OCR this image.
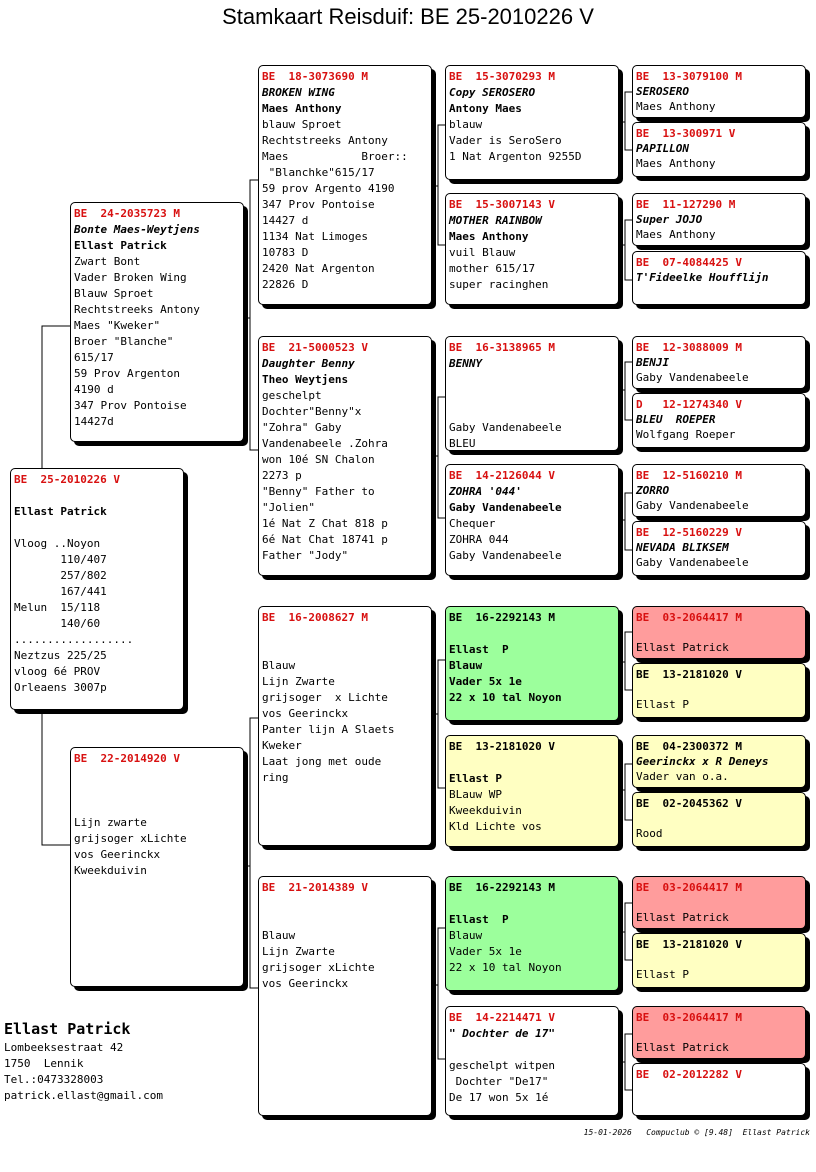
Stamkaart Reisduif: BE 25-2010226 V
BE  25-2010226 V

Ellast Patrick

Vloog ..Noyon
110/407
257/802
167/441
Melun  15/118
140/60
..................
Neztzus 225/25
vloog 6é PROV
Orleaens 3007p
BE  24-2035723 M
Bonte Maes-Weytjens
Ellast Patrick
Zwart Bont
Vader Broken Wing
Blauw Sproet
Rechtstreeks Antony
Maes "Kweker"
Broer "Blanche"
615/17
59 Prov Argenton
4190 d
347 Prov Pontoise
14427d
BE  22-2014920 V

Lijn zwarte
grijsoger xLichte
vos Geerinckx
Kweekduivin
BE  18-3073690 M
BROKEN WING
Maes Anthony
blauw Sproet
Rechtstreeks Antony
Maes           Broer::
"Blanchke"615/17
59 prov Argento 4190
347 Prov Pontoise
14427 d
1134 Nat Limoges
10783 D
2420 Nat Argenton
22826 D
BE  21-5000523 V
Daughter Benny
Theo Weytjens
geschelpt
Dochter"Benny"x
"Zohra" Gaby
Vandenabeele .Zohra
won 10é SN Chalon
2273 p
"Benny" Father to
"Jolien"
1é Nat Z Chat 818 p
6é Nat Chat 18741 p
Father "Jody"
BE  16-2008627 M

Blauw
Lijn Zwarte
grijsoger  x Lichte
vos Geerinckx
Panter lijn A Slaets
Kweker
Laat jong met oude
ring
BE  21-2014389 V

Blauw
Lijn Zwarte
grijsoger xLichte
vos Geerinckx
BE  15-3070293 M
Copy SEROSERO
Antony Maes
blauw
Vader is SeroSero
1 Nat Argenton 9255D
BE  15-3007143 V
MOTHER RAINBOW
Maes Anthony
vuil Blauw
mother 615/17
super racinghen
BE  16-3138965 M
BENNY

Gaby Vandenabeele
BLEU
BE  14-2126044 V
ZOHRA '044'
Gaby Vandenabeele
Chequer
ZOHRA 044
Gaby Vandenabeele
BE  16-2292143 M

Ellast  P
Blauw
Vader 5x 1e
22 x 10 tal Noyon
BE  13-2181020 V

Ellast P
BLauw WP
Kweekduivin
Kld Lichte vos
BE  16-2292143 M

Ellast  P
Blauw
Vader 5x 1e
22 x 10 tal Noyon
BE  14-2214471 V
" Dochter de 17"

geschelpt witpen
Dochter "De17"
De 17 won 5x 1é
BE  13-3079100 M
SEROSERO
Maes Anthony
BE  13-300971 V
PAPILLON
Maes Anthony
BE  11-127290 M
Super JOJO
Maes Anthony
BE  07-4084425 V
T'Fideelke Houfflijn
BE  12-3088009 M
BENJI
Gaby Vandenabeele
D   12-1274340 V
BLEU  ROEPER
Wolfgang Roeper
BE  12-5160210 M
ZORRO
Gaby Vandenabeele
BE  12-5160229 V
NEVADA BLIKSEM
Gaby Vandenabeele
BE  03-2064417 M

Ellast Patrick
BE  13-2181020 V

Ellast P
BE  04-2300372 M
Geerinckx x R Deneys
Vader van o.a.
BE  02-2045362 V

Rood
BE  03-2064417 M

Ellast Patrick
BE  13-2181020 V

Ellast P
BE  03-2064417 M

Ellast Patrick
BE  02-2012282 V
Ellast Patrick
Lombeeksestraat 42
1750  Lennik
Tel.:0473328003
patrick.ellast@gmail.com
15-01-2026   Compuclub © [9.48]  Ellast Patrick
